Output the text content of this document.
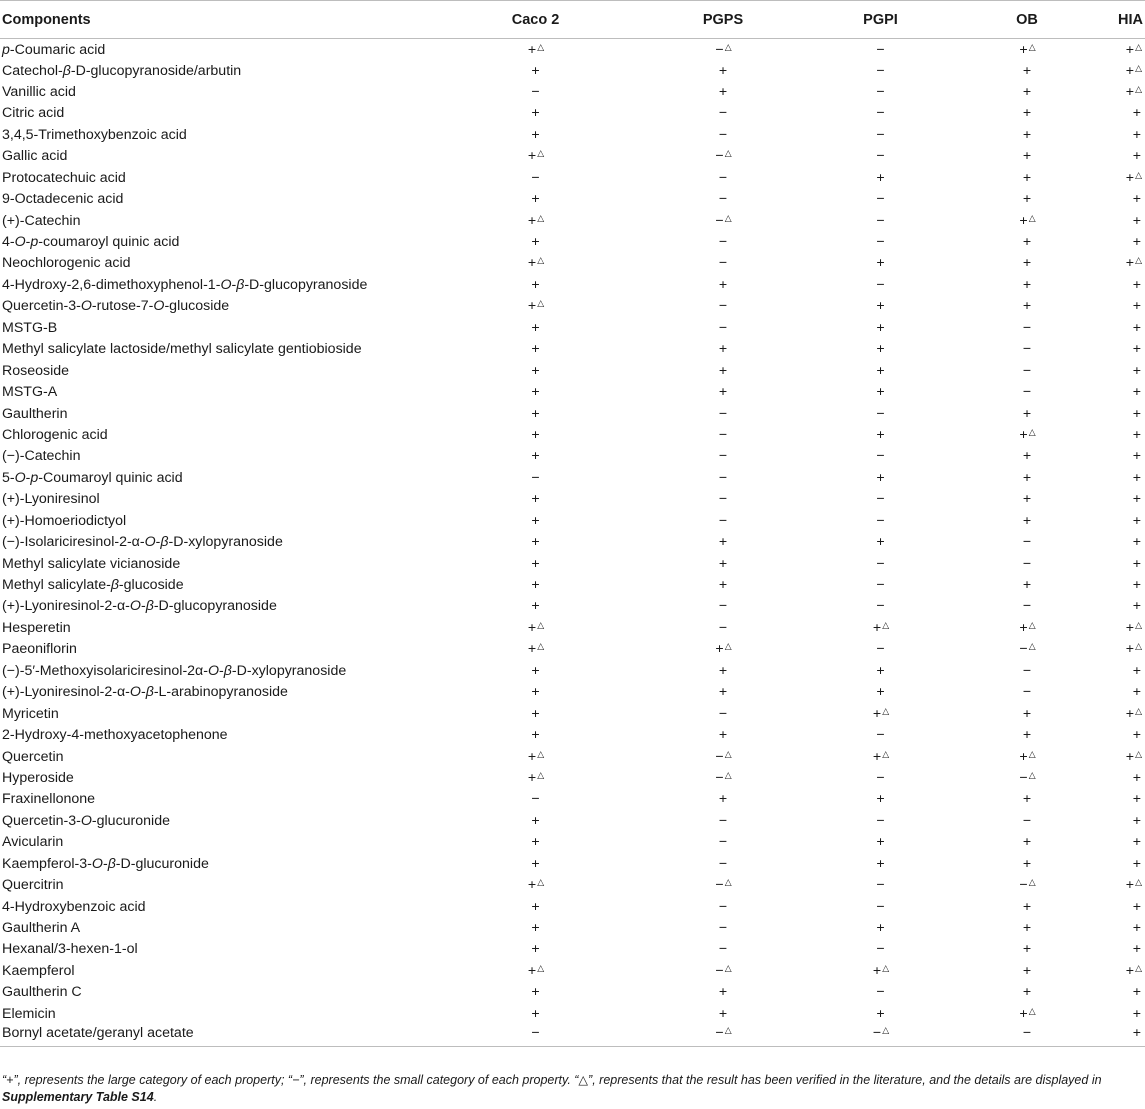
Components	Caco 2	PGPS	PGPI	OB	HIA
p-Coumaric acid	+△	−△	−	+△	+△
Catechol-β-D-glucopyranoside/arbutin	+	+	−	+	+△
Vanillic acid	−	+	−	+	+△
Citric acid	+	−	−	+	+
3,4,5-Trimethoxybenzoic acid	+	−	−	+	+
Gallic acid	+△	−△	−	+	+
Protocatechuic acid	−	−	+	+	+△
9-Octadecenic acid	+	−	−	+	+
(+)-Catechin	+△	−△	−	+△	+
4-O-p-coumaroyl quinic acid	+	−	−	+	+
Neochlorogenic acid	+△	−	+	+	+△
4-Hydroxy-2,6-dimethoxyphenol-1-O-β-D-glucopyranoside	+	+	−	+	+
Quercetin-3-O-rutose-7-O-glucoside	+△	−	+	+	+
MSTG-B	+	−	+	−	+
Methyl salicylate lactoside/methyl salicylate gentiobioside	+	+	+	−	+
Roseoside	+	+	+	−	+
MSTG-A	+	+	+	−	+
Gaultherin	+	−	−	+	+
Chlorogenic acid	+	−	+	+△	+
(−)-Catechin	+	−	−	+	+
5-O-p-Coumaroyl quinic acid	−	−	+	+	+
(+)-Lyoniresinol	+	−	−	+	+
(+)-Homoeriodictyol	+	−	−	+	+
(−)-Isolariciresinol-2-α-O-β-D-xylopyranoside	+	+	+	−	+
Methyl salicylate vicianoside	+	+	−	−	+
Methyl salicylate-β-glucoside	+	+	−	+	+
(+)-Lyoniresinol-2-α-O-β-D-glucopyranoside	+	−	−	−	+
Hesperetin	+△	−	+△	+△	+△
Paeoniflorin	+△	+△	−	−△	+△
(−)-5′-Methoxyisolariciresinol-2α-O-β-D-xylopyranoside	+	+	+	−	+
(+)-Lyoniresinol-2-α-O-β-L-arabinopyranoside	+	+	+	−	+
Myricetin	+	−	+△	+	+△
2-Hydroxy-4-methoxyacetophenone	+	+	−	+	+
Quercetin	+△	−△	+△	+△	+△
Hyperoside	+△	−△	−	−△	+
Fraxinellonone	−	+	+	+	+
Quercetin-3-O-glucuronide	+	−	−	−	+
Avicularin	+	−	+	+	+
Kaempferol-3-O-β-D-glucuronide	+	−	+	+	+
Quercitrin	+△	−△	−	−△	+△
4-Hydroxybenzoic acid	+	−	−	+	+
Gaultherin A	+	−	+	+	+
Hexanal/3-hexen-1-ol	+	−	−	+	+
Kaempferol	+△	−△	+△	+	+△
Gaultherin C	+	+	−	+	+
Elemicin	+	+	+	+△	+
Bornyl acetate/geranyl acetate	−	−△	−△	−	+
“+”, represents the large category of each property; “−”, represents the small category of each property. “△”, represents that the result has been verified in the literature, and the details are displayed in Supplementary Table S14.
